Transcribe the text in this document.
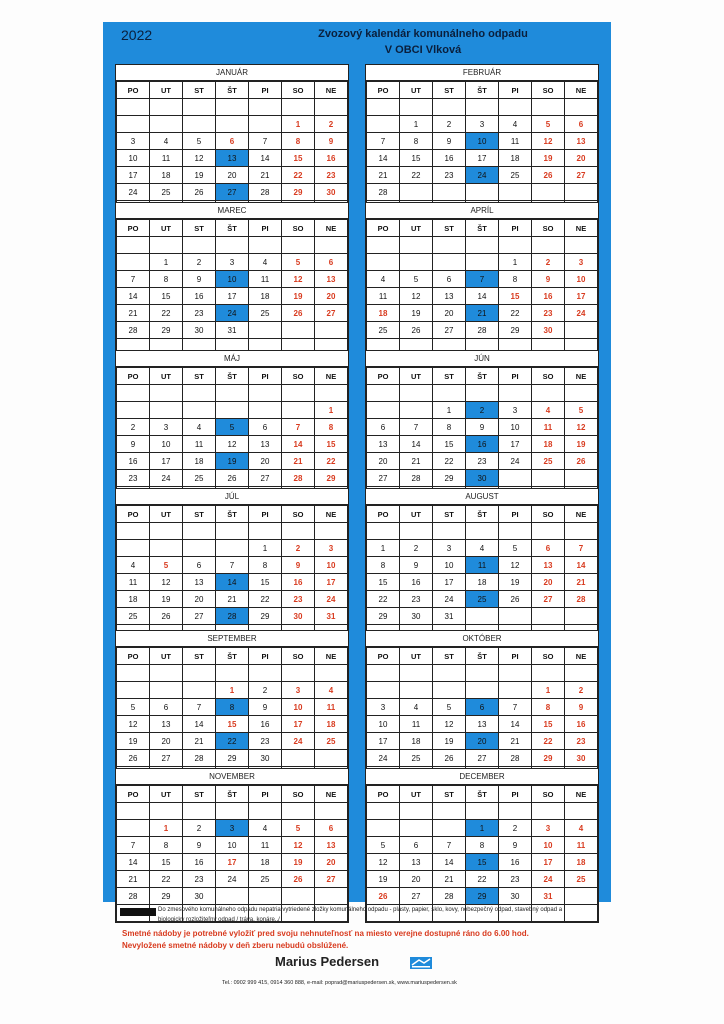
2022	Zvozový kalendár komunálneho odpadu
V OBCI Vlková
JANUÁR
PO	UT	ST	ŠT	PI	SO	NE

					1	2
3	4	5	6	7	8	9
10	11	12	13	14	15	16
17	18	19	20	21	22	23
24	25	26	27	28	29	30

FEBRUÁR
PO	UT	ST	ŠT	PI	SO	NE

	1	2	3	4	5	6
7	8	9	10	11	12	13
14	15	16	17	18	19	20
21	22	23	24	25	26	27
28						

MAREC
PO	UT	ST	ŠT	PI	SO	NE

	1	2	3	4	5	6
7	8	9	10	11	12	13
14	15	16	17	18	19	20
21	22	23	24	25	26	27
28	29	30	31			

APRÍL
PO	UT	ST	ŠT	PI	SO	NE

				1	2	3
4	5	6	7	8	9	10
11	12	13	14	15	16	17
18	19	20	21	22	23	24
25	26	27	28	29	30	

MÁJ
PO	UT	ST	ŠT	PI	SO	NE

						1
2	3	4	5	6	7	8
9	10	11	12	13	14	15
16	17	18	19	20	21	22
23	24	25	26	27	28	29

JÚN
PO	UT	ST	ŠT	PI	SO	NE

		1	2	3	4	5
6	7	8	9	10	11	12
13	14	15	16	17	18	19
20	21	22	23	24	25	26
27	28	29	30			

JÚL
PO	UT	ST	ŠT	PI	SO	NE

				1	2	3
4	5	6	7	8	9	10
11	12	13	14	15	16	17
18	19	20	21	22	23	24
25	26	27	28	29	30	31

AUGUST
PO	UT	ST	ŠT	PI	SO	NE

1	2	3	4	5	6	7
8	9	10	11	12	13	14
15	16	17	18	19	20	21
22	23	24	25	26	27	28
29	30	31				

SEPTEMBER
PO	UT	ST	ŠT	PI	SO	NE

			1	2	3	4
5	6	7	8	9	10	11
12	13	14	15	16	17	18
19	20	21	22	23	24	25
26	27	28	29	30		

OKTÓBER
PO	UT	ST	ŠT	PI	SO	NE

					1	2
3	4	5	6	7	8	9
10	11	12	13	14	15	16
17	18	19	20	21	22	23
24	25	26	27	28	29	30

NOVEMBER
PO	UT	ST	ŠT	PI	SO	NE

	1	2	3	4	5	6
7	8	9	10	11	12	13
14	15	16	17	18	19	20
21	22	23	24	25	26	27
28	29	30				

DECEMBER
PO	UT	ST	ŠT	PI	SO	NE

			1	2	3	4
5	6	7	8	9	10	11
12	13	14	15	16	17	18
19	20	21	22	23	24	25
26	27	28	29	30	31	

Do zmesového komunálneho odpadu nepatria vytriedené zložky komunálneho odpadu - plasty, papier, sklo, kovy, nebezpečný odpad, stavebný odpad a biologicky rozložiteľný odpad / tráva, konáre../
Smetné nádoby je potrebné vyložiť pred svoju nehnuteľnosť na miesto verejne dostupné ráno do 6.00 hod.
Nevyložené smetné nádoby v deň zberu nebudú obslúžené.
Marius Pedersen
Tel.: 0902 999 415, 0914 360 888, e-mail: poprad@mariuspedersen.sk, www.mariuspedersen.sk
